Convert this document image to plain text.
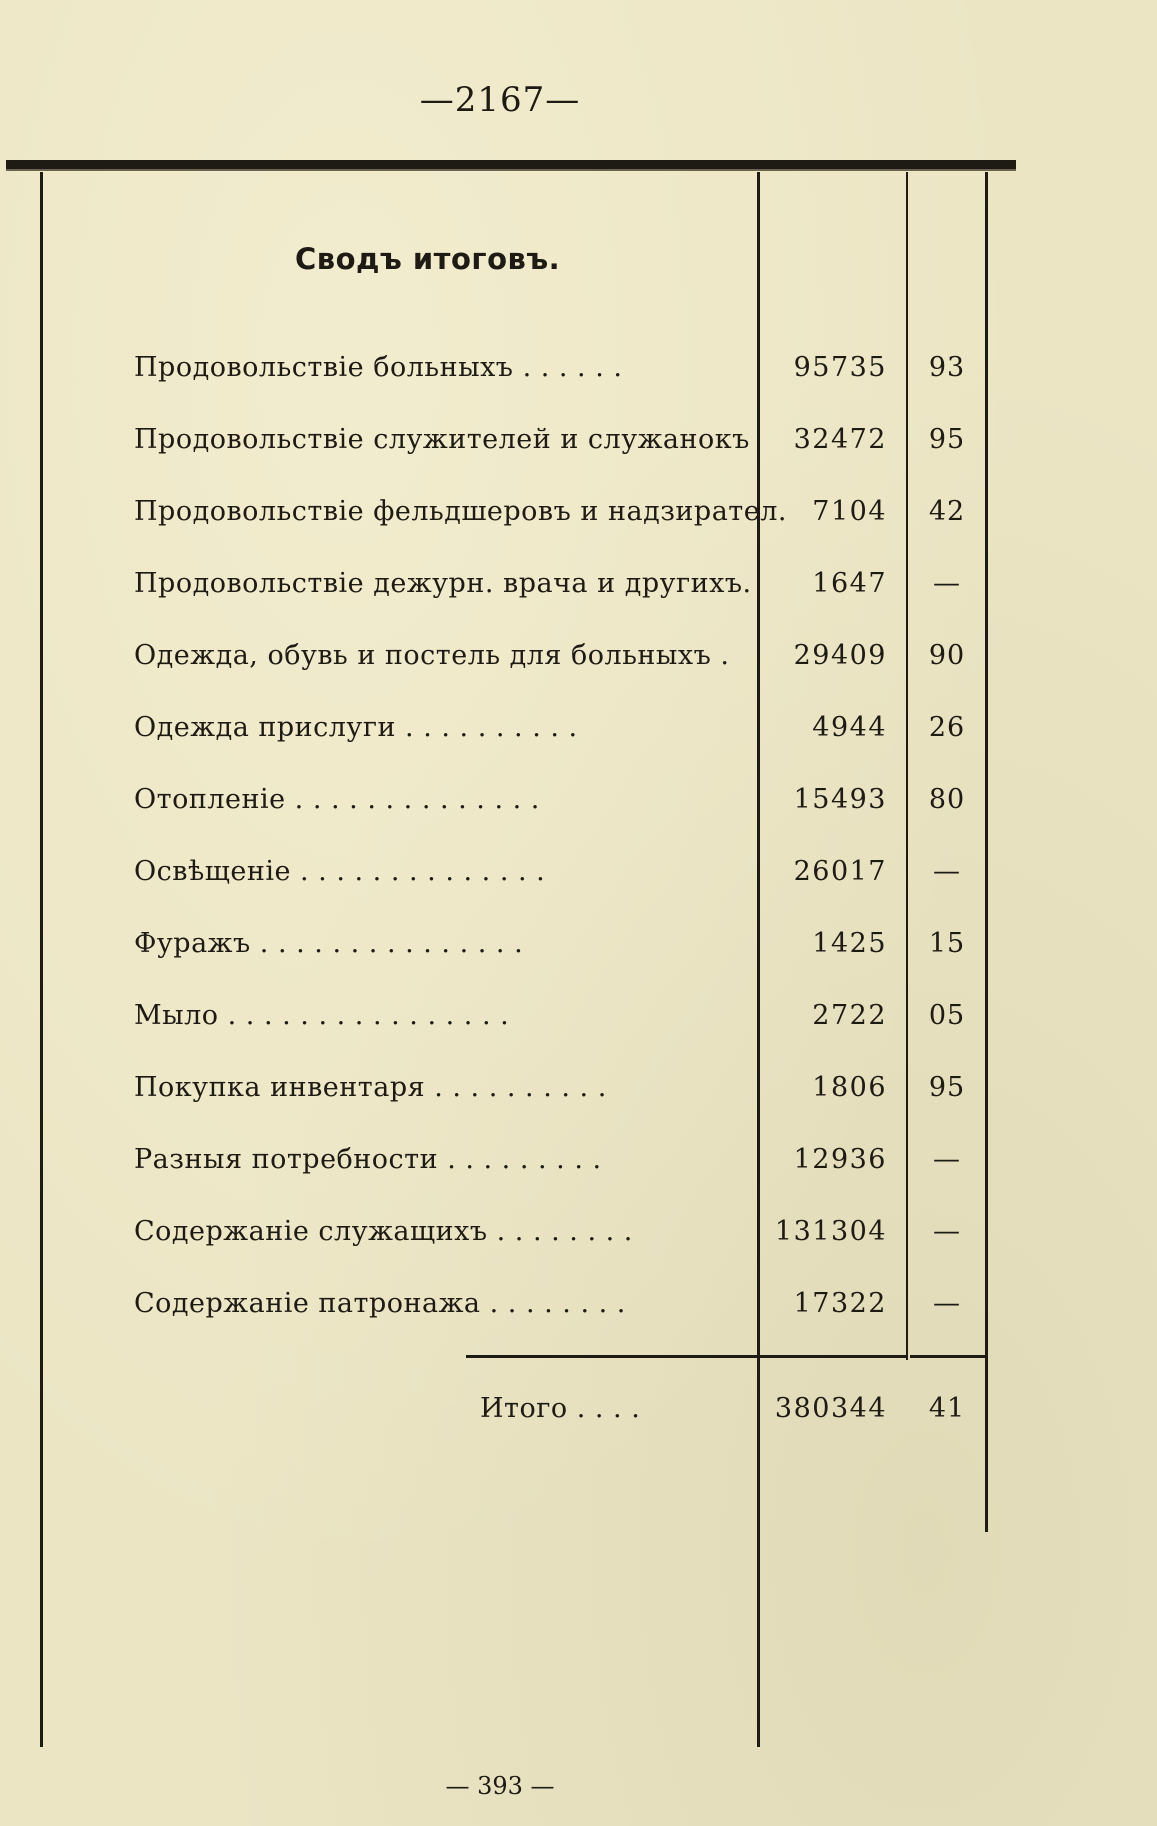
—2167—
Сводъ итоговъ.
Продовольствiе больныхъ . . . . . .	95735	93
Продовольствiе служителей и служанокъ	32472	95
Продовольствiе фельдшеровъ и надзирател. 7104	42
Продовольствiе дежурн. врача и другихъ.	1647	—
Одежда, обувь и постель для больныхъ .	29409	90
Одежда прислуги . . . . . . . . . .	4944	26
Отопленiе . . . . . . . . . . . . . .	15493	80
Освѣщенiе . . . . . . . . . . . . . .	26017	—
Фуражъ . . . . . . . . . . . . . . .	1425	15
Мыло . . . . . . . . . . . . . . . .	2722	05
Покупка инвентаря . . . . . . . . . .	1806	95
Разныя потребности . . . . . . . . .	12936	—
Содержанiе служащихъ . . . . . . . .	131304	—
Содержанiе патронажа . . . . . . . .	17322	—
Итого . . . .	380344	41
— 393 —
